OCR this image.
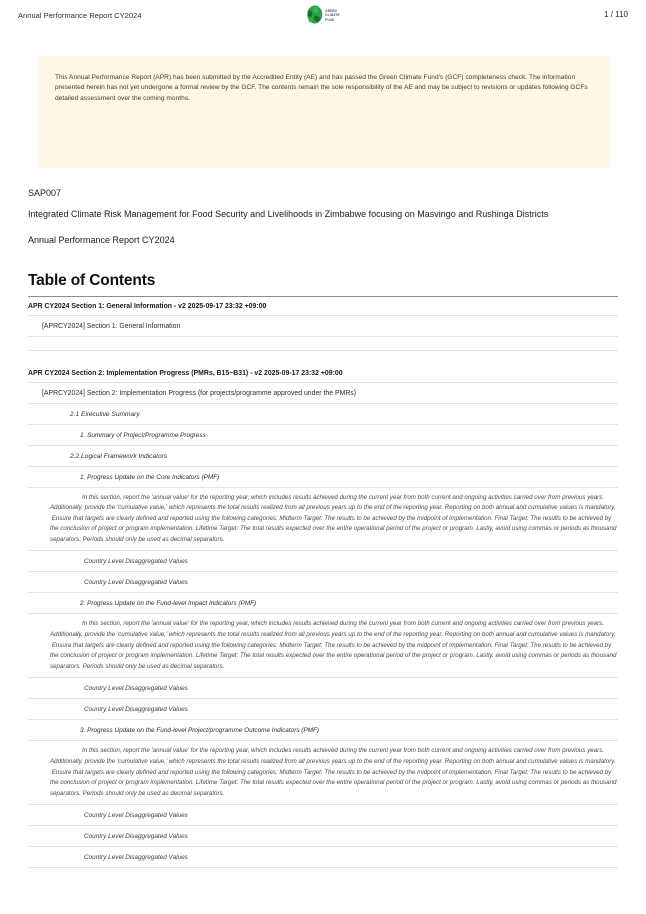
Annual Performance Report CY2024
GREEN
CLIMATE
FUND
1 / 110

This Annual Performance Report (APR) has been submitted by the Accredited Entity (AE) and has passed the Green Climate Fund's (GCF) completeness check. The information presented herein has not yet undergone a formal review by the GCF. The contents remain the sole responsibility of the AE and may be subject to revisions or updates following GCFs detailed assessment over the coming months.

SAP007
Integrated Climate Risk Management for Food Security and Livelihoods in Zimbabwe focusing on Masvingo and Rushinga Districts
Annual Performance Report CY2024
Table of Contents
APR CY2024 Section 1: General Information - v2 2025-09-17 23:32 +09:00
[APRCY2024] Section 1: General Information
APR CY2024 Section 2: Implementation Progress (PMRs, B15~B31) - v2 2025-09-17 23:32 +09:00
[APRCY2024] Section 2: Implementation Progress (for projects/programme approved under the PMRs)
2.1 Executive Summary
1. Summary of Project/Programme Progress
2.2 Logical Framework Indicators
1. Progress Update on the Core Indicators (PMF)
In this section, report the 'annual value' for the reporting year, which includes results achieved during the current year from both current and ongoing activities carried over from previous years. Additionally, provide the 'cumulative value,' which represents the total results realized from all previous years up to the end of the reporting year. Reporting on both annual and cumulative values is mandatory.  Ensure that targets are clearly defined and reported using the following categories: Midterm Target: The results to be achieved by the midpoint of implementation. Final Target: The results to be achieved by the conclusion of project or program implementation. Lifetime Target: The total results expected over the entire operational period of the project or program. Lastly, avoid using commas or periods as thousand separators. Periods should only be used as decimal separators.
Country Level Disaggregated Values
Country Level Disaggregated Values
2. Progress Update on the Fund-level Impact Indicators (PMF)
In this section, report the 'annual value' for the reporting year, which includes results achieved during the current year from both current and ongoing activities carried over from previous years. Additionally, provide the 'cumulative value,' which represents the total results realized from all previous years up to the end of the reporting year. Reporting on both annual and cumulative values is mandatory.  Ensure that targets are clearly defined and reported using the following categories: Midterm Target: The results to be achieved by the midpoint of implementation. Final Target: The results to be achieved by the conclusion of project or program implementation. Lifetime Target: The total results expected over the entire operational period of the project or program. Lastly, avoid using commas or periods as thousand separators. Periods should only be used as decimal separators.
Country Level Disaggregated Values
Country Level Disaggregated Values
3. Progress Update on the Fund-level Project/programme Outcome Indicators (PMF)
In this section, report the 'annual value' for the reporting year, which includes results achieved during the current year from both current and ongoing activities carried over from previous years. Additionally, provide the 'cumulative value,' which represents the total results realized from all previous years up to the end of the reporting year. Reporting on both annual and cumulative values is mandatory.  Ensure that targets are clearly defined and reported using the following categories: Midterm Target: The results to be achieved by the midpoint of implementation. Final Target: The results to be achieved by the conclusion of project or program implementation. Lifetime Target: The total results expected over the entire operational period of the project or program. Lastly, avoid using commas or periods as thousand separators. Periods should only be used as decimal separators.
Country Level Disaggregated Values
Country Level Disaggregated Values
Country Level Disaggregated Values
